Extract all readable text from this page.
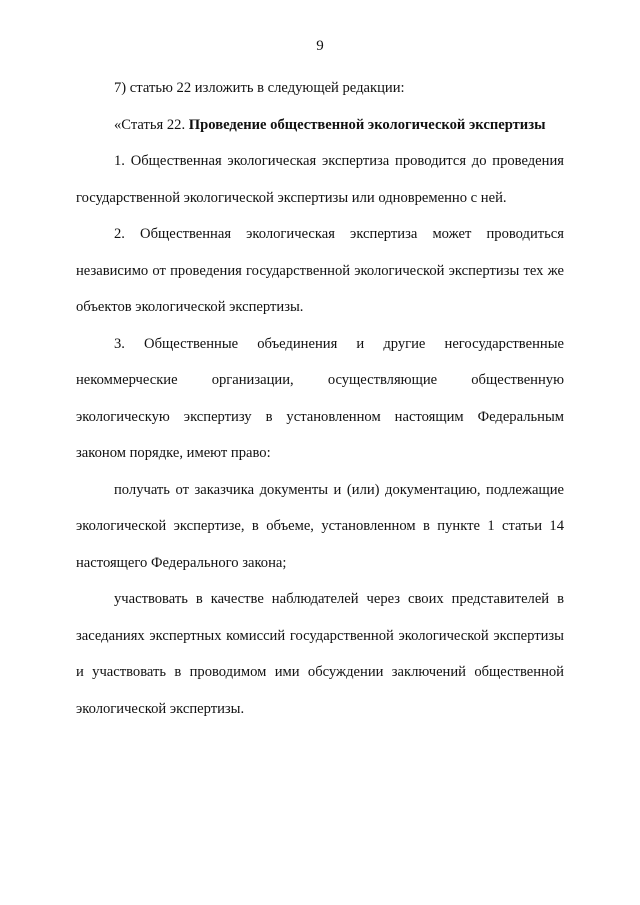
9

7) статью 22 изложить в следующей редакции:

«Статья 22. Проведение общественной экологической экспертизы

1. Общественная экологическая экспертиза проводится до проведения государственной экологической экспертизы или одновременно с ней.

2. Общественная экологическая экспертиза может проводиться независимо от проведения государственной экологической экспертизы тех же объектов экологической экспертизы.

3. Общественные объединения и другие негосударственные некоммерческие организации, осуществляющие общественную экологическую экспертизу в установленном настоящим Федеральным законом порядке, имеют право:

получать от заказчика документы и (или) документацию, подлежащие экологической экспертизе, в объеме, установленном в пункте 1 статьи 14 настоящего Федерального закона;

участвовать в качестве наблюдателей через своих представителей в заседаниях экспертных комиссий государственной экологической экспертизы и участвовать в проводимом ими обсуждении заключений общественной экологической экспертизы.
